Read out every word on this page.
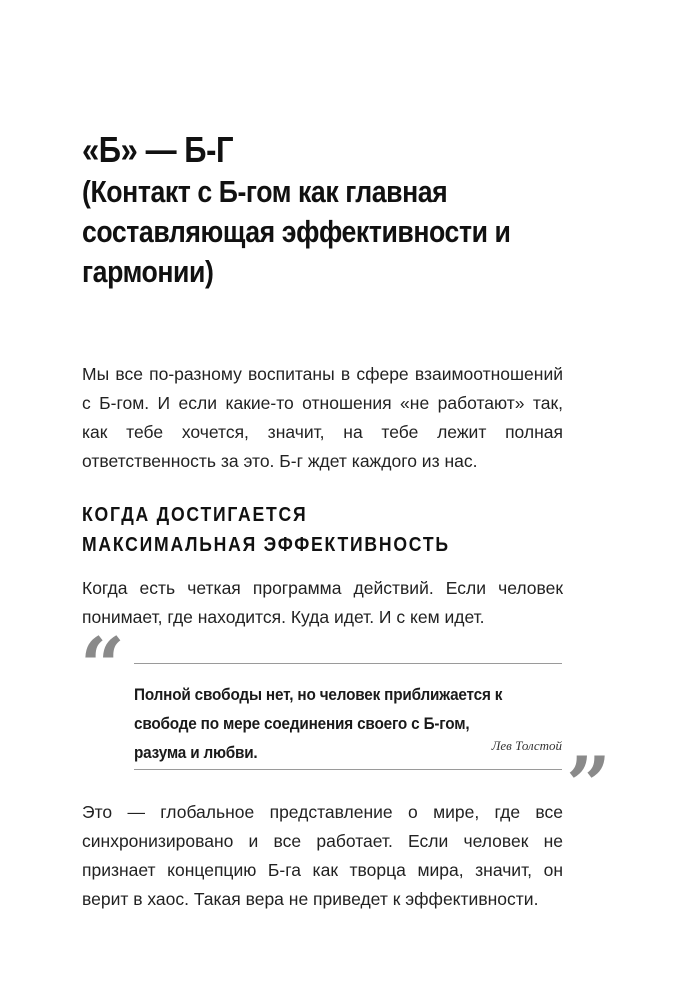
«Б» — Б-Г
(Контакт с Б-гом как главная
составляющая эффективности и гармонии)
Мы все по-разному воспитаны в сфере взаимоотношений с Б-гом. И если какие-то отношения «не работают» так, как тебе хочется, значит, на тебе лежит полная ответственность за это. Б-г ждет каждого из нас.
КОГДА ДОСТИГАЕТСЯ
МАКСИМАЛЬНАЯ ЭФФЕКТИВНОСТЬ
Когда есть четкая программа действий. Если человек понимает, где находится. Куда идет. И с кем идет.
“ Полной свободы нет, но человек приближается к свободе по мере соединения своего с Б-гом, разума и любви.	Лев Толстой ”
Это — глобальное представление о мире, где все синхронизировано и все работает. Если человек не признает концепцию Б-га как творца мира, значит, он верит в хаос. Такая вера не приведет к эффективности.
